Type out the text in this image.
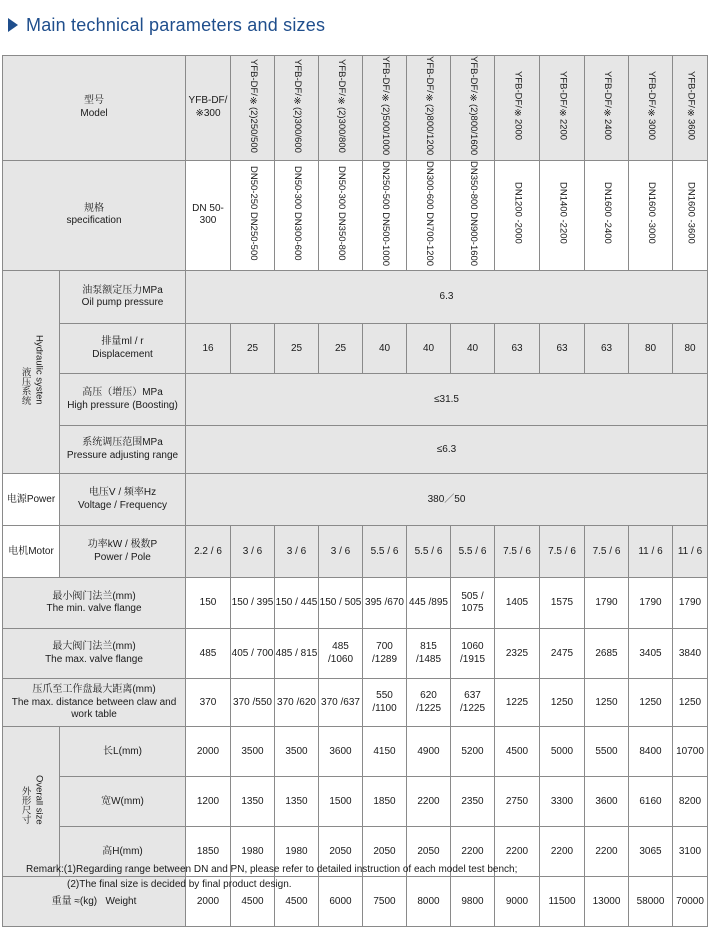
Main technical parameters and sizes
型号
Model		YFB-DF/※300	YFB-DF/※(2)250/500	YFB-DF/※(2)300/600	YFB-DF/※(2)300/800	YFB-DF/※(2)500/1000	YFB-DF/※(2)800/1200	YFB-DF/※(2)800/1600	YFB-DF/※2000	YFB-DF/※2200	YFB-DF/※2400	YFB-DF/※3000	YFB-DF/※3600

规格
specification		DN 50-300	DN50-250 DN250-500	DN50-300 DN300-600	DN50-300 DN350-800	DN250-500 DN500-1000	DN300-600 DN700-1200	DN350-800 DN900-1600	DN1200 -2000	DN1400 -2200	DN1600 -2400	DN1600 -3000	DN1600 -3600
液压系统 Hydraulic systen	油泵额定压力MPa
Oil pump pressure	6.3											

	排量ml / r
Displacement	16	25	25	25	40	40	40	63	63	63	80	80

	高压（增压）MPa
High pressure (Boosting)	≤31.5											

	系统调压范围MPa
Pressure adjusting range	≤6.3											
电源Power	电压V / 频率Hz
Voltage / Frequency	380／50											
电机Motor	功率kW / 极数P
Power / Pole	2.2 / 6	3 / 6	3 / 6	3 / 6	5.5 / 6	5.5 / 6	5.5 / 6	7.5 / 6	7.5 / 6	7.5 / 6	11 / 6	11 / 6

最小阀门法兰(mm)
The min. valve flange		150	150 / 395	150 / 445	150 / 505	395 /670	445 /895	505 / 1075	1405	1575	1790	1790	1790

最大阀门法兰(mm)
The max. valve flange		485	405 / 700	485 / 815	485 /1060	700 /1289	815 /1485	1060 /1915	2325	2475	2685	3405	3840

压爪至工作盘最大距离(mm)
The max. distance between claw and work table		370	370 /550	370 /620	370 /637	550 /1100	620 /1225	637 /1225	1225	1250	1250	1250	1250
外形尺寸 Overall size	长L(mm)	2000	3500	3500	3600	4150	4900	5200	4500	5000	5500	8400	10700
	宽W(mm)	1200	1350	1350	1500	1850	2200	2350	2750	3300	3600	6160	8200
	高H(mm)	1850	1980	1980	2050	2050	2050	2200	2200	2200	2200	3065	3100
重量 ≈(kg) Weight		2000	4500	4500	6000	7500	8000	9800	9000	11500	13000	58000	70000
Remark:(1)Regarding range between DN and PN, please refer to detailed instruction of each model test bench;
(2)The final size is decided by final product design.
